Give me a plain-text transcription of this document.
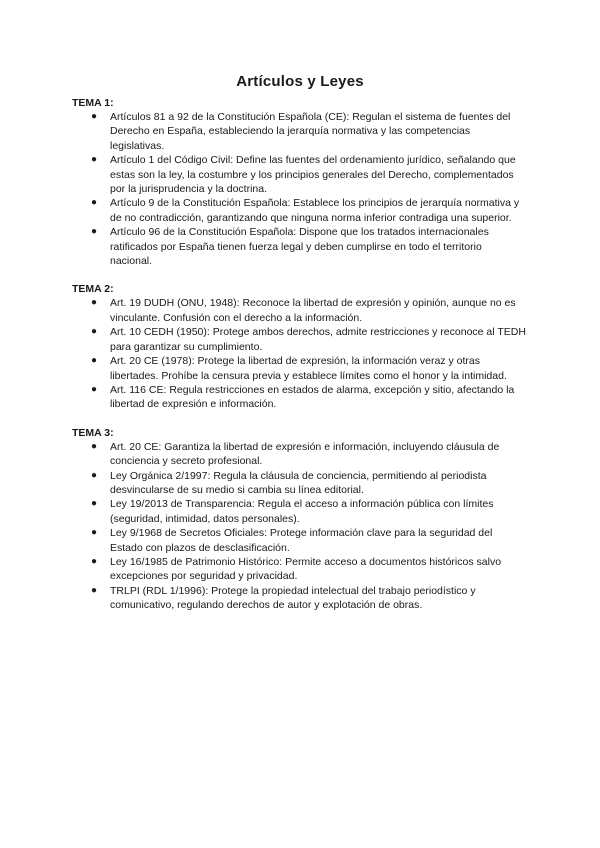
Artículos y Leyes

TEMA 1:

● Artículos 81 a 92 de la Constitución Española (CE): Regulan el sistema de fuentes del Derecho en España, estableciendo la jerarquía normativa y las competencias legislativas.
● Artículo 1 del Código Civil: Define las fuentes del ordenamiento jurídico, señalando que estas son la ley, la costumbre y los principios generales del Derecho, complementados por la jurisprudencia y la doctrina.
● Artículo 9 de la Constitución Española: Establece los principios de jerarquía normativa y de no contradicción, garantizando que ninguna norma inferior contradiga una superior.
● Artículo 96 de la Constitución Española: Dispone que los tratados internacionales ratificados por España tienen fuerza legal y deben cumplirse en todo el territorio nacional.

TEMA 2:

● Art. 19 DUDH (ONU, 1948): Reconoce la libertad de expresión y opinión, aunque no es vinculante. Confusión con el derecho a la información.
● Art. 10 CEDH (1950): Protege ambos derechos, admite restricciones y reconoce al TEDH para garantizar su cumplimiento.
● Art. 20 CE (1978): Protege la libertad de expresión, la información veraz y otras libertades. Prohíbe la censura previa y establece límites como el honor y la intimidad.
● Art. 116 CE: Regula restricciones en estados de alarma, excepción y sitio, afectando la libertad de expresión e información.

TEMA 3:

● Art. 20 CE: Garantiza la libertad de expresión e información, incluyendo cláusula de conciencia y secreto profesional.
● Ley Orgánica 2/1997: Regula la cláusula de conciencia, permitiendo al periodista desvincularse de su medio si cambia su línea editorial.
● Ley 19/2013 de Transparencia: Regula el acceso a información pública con límites (seguridad, intimidad, datos personales).
● Ley 9/1968 de Secretos Oficiales: Protege información clave para la seguridad del Estado con plazos de desclasificación.
● Ley 16/1985 de Patrimonio Histórico: Permite acceso a documentos históricos salvo excepciones por seguridad y privacidad.
● TRLPI (RDL 1/1996): Protege la propiedad intelectual del trabajo periodístico y comunicativo, regulando derechos de autor y explotación de obras.
